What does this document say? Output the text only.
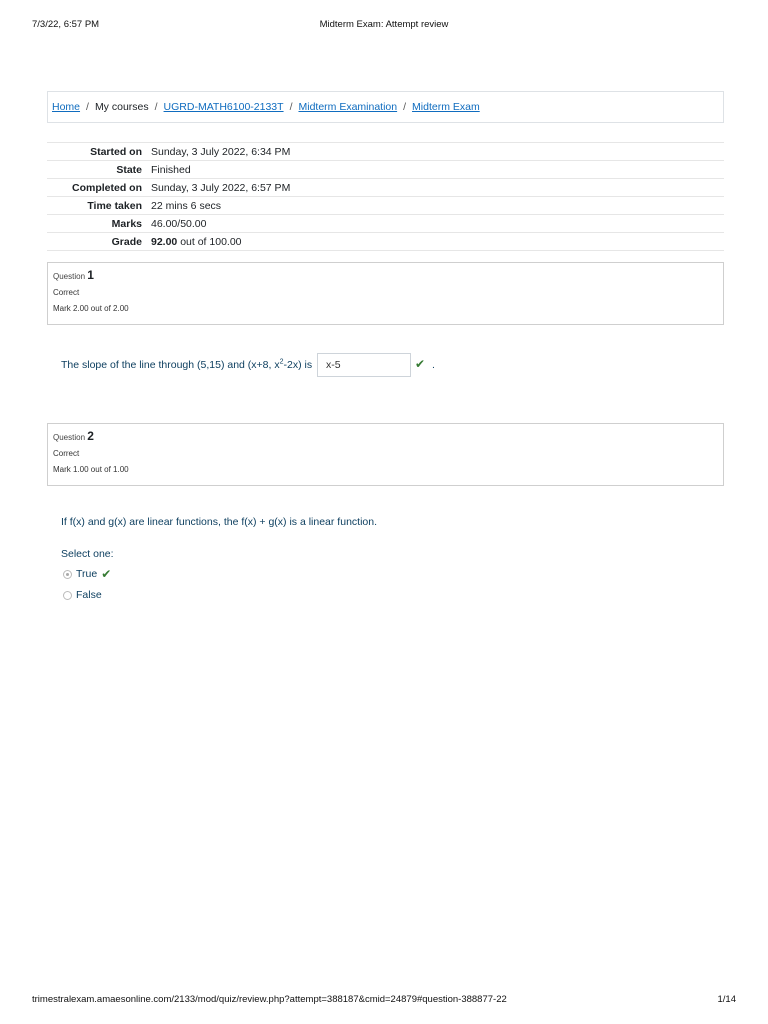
7/3/22, 6:57 PM	Midterm Exam: Attempt review
Home / My courses / UGRD-MATH6100-2133T / Midterm Examination / Midterm Exam
Started on	Sunday, 3 July 2022, 6:34 PM
State	Finished
Completed on	Sunday, 3 July 2022, 6:57 PM
Time taken	22 mins 6 secs
Marks	46.00/50.00
Grade	92.00 out of 100.00
Question 1
Correct
Mark 2.00 out of 2.00
The slope of the line through (5,15) and (x+8, $x^2-2x$) is x-5	✔ .
Question 2
Correct
Mark 1.00 out of 1.00
If f(x) and g(x) are linear functions, the f(x) + g(x) is a linear function.
Select one:
True ✔
False
trimestralexam.amaesonline.com/2133/mod/quiz/review.php?attempt=388187&cmid=24879#question-388877-22	1/14
